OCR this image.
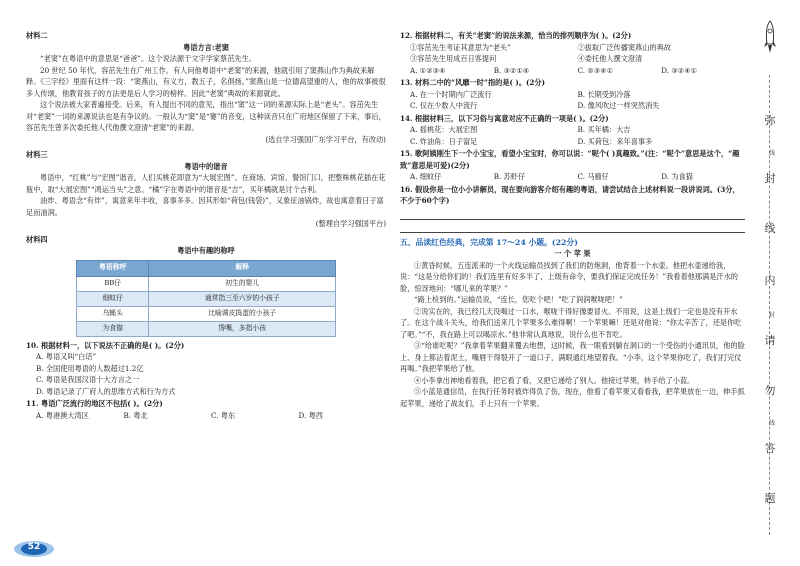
材料二

粤语方言:老窦

“老窦”在粤语中的意思是“爸爸”。这个说法源于文字学家蔡茁先生。

20 世纪 50 年代，容茁先生在广州工作。有人问他粤语中“老窦”的来源，他就引用了窦燕山作为典故来解释。《三字经》里面有这样一段：“窦燕山，有义方，教五子，名俱扬。”窦燕山是一位德高望重的人，他的故事被很多人传颂，他教育孩子的方法更是后人学习的榜样。因此“老窦”典故的来源就此。

这个说法被大家普遍接受。后来，有人提出不同的意见，指出“窦”这一词的来源实际上是“老头”。容茁先生对“老窦”一词的来源说法也是有争议的。一般认为“窦”是“窭”的音变，这种读音只在广府地区保留了下来，事后，容茁先生曾多次委托他人代他撰文澄清“老窦”的来源。

(选自学习强国广东学习平台，有改动)

材料三

粤语中的谐音

粤语中，“红桃”与“宏图”谐音，人们买桃花即意为“大展宏图”。在商场、宾馆、餐馆门口，把整株桃花插在花瓶中，取“大展宏图”“鸿运当头”之意。“橘”字在粤语中的谐音是“吉”，买年橘就是讨个吉利。

油炸、粤语念“有炸”，寓意来年丰收，喜事多多。因其形如“荷包(钱袋)”，又象征油锅炸，故也寓意着日子富足而油润。

(整理自学习强国平台)

材料四

粤语中有趣的称呼

粤语称呼	解释
BB仔	初生的婴儿
细蚊仔	通常指三至六岁的小孩子
乌蝇头	比喻调皮捣蛋的小孩子
为食猫	馋嘴，多指小孩

10. 根据材料一，以下说法不正确的是( )。(2分)

A. 粤语又叫“白话”

B. 全国使用粤语的人数超过1.2亿

C. 粤语是我国汉语十大方言之一

D. 粤语记录了广府人的思维方式和行为方式

11. 粤语广泛流行的地区不包括( )。(2分)

A. 粤港澳大湾区	B. 粤北	C. 粤东	D. 粤西
52

12. 根据材料二，有关“老窦”的说法来源，恰当的排列顺序为( )。(2分)

①容茁先生考证其意思为“老头”	②拔取广泛传播窦燕山的典故
③容茁先生用成百日客提问	④委托他人撰文澄清
A. ①②③④	B. ③②①④	C. ②③④①	D. ③②④①

13. 材料二中的“风靡一时”指的是( )。(2分)

A. 在一个时期内广泛流行	B. 长期受到冷落
C. 仅在少数人中流行	D. 像风吹过一样突然消失

14. 根据材料三，以下习俗与寓意对应不正确的一项是( )。(2分)

A. 摇桃花：大展宏图	B. 买年橘：大吉
C. 炸油角：日子富足	D. 买荷包：来年喜事多

15. 歌阿姨刚生下一个小宝宝，看望小宝宝时，你可以说：“呢个( )真趣致。”(注：“呢个”意思是这个，“趣致”意思是可爱)(2分)

A. 细蚊仔	B. 苏虾仔	C. 马骝仔	D. 为食猫

16. 假设你是一位小小讲解员，现在要向游客介绍有趣的粤语，请尝试结合上述材料说一段讲说词。(3分，不少于60个字)

五、品读红色经典，完成第 17～24 小题。(22分)

一 个 苹 果

①黄昏时候，五连派来的一个火线运输员找到了我们的防炮洞，他背着一个水壶。他把水壶递给我，说：“这是分给你们的！我们连里有好多半了，上级有命令，要我们保证完成任务！”我看着他那满是汗水的脸，惊讶地问：“哪儿来的苹果？”

“路上检到的。”运输员说，“连长，您吃个吧！”吃了润润喉咙吧！”

②说实在的，我已经几天没喝过一口水，喉咙干得好像要冒火。不用说，这是上级们一定也是没有开水了。在这个战斗关头，给我们送来几个苹果多么难得啊！一个苹果嘛！还是对他说：“你太辛苦了，还是你吃了吧。”“不，我在路上可以喝凉水。”他非常认真地说，说什么也不肯吃。

③“给谁吃呢？”我拿着苹果翻来覆去地想，这时候，我一眼看到躺在洞口的一个受伤的小通讯员，他的脸上、身上都沾着泥土，嘴唇干得裂开了一道口子，满眼通红地望着我。“小李，这个苹果你吃了，我们打完仗再喝。”我把苹果给了他。

④小李拿出神地看着我，把它看了看，又把它递给了别人。他接过苹果，转手给了小蓝。

⑤小蓝是通信员，在执行任务时被炸得负了伤，现在，他看了看苹果又看看我，把苹果放在一边，伸手抓起苹果，递给了战友们，手上只有一个苹果。

弥
线
封
线
内
封
请
勿
线
答
题
